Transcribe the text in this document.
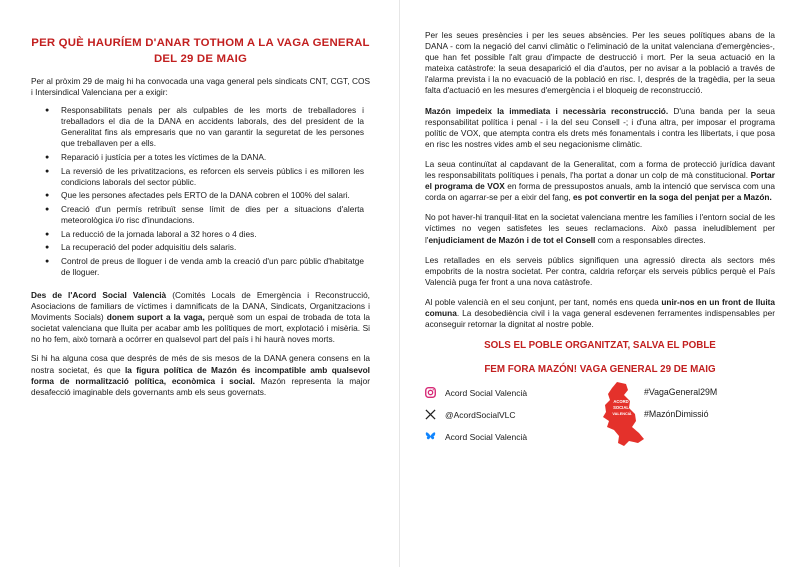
PER QUÈ HAURÍEM D'ANAR TOTHOM A LA VAGA GENERAL DEL 29 DE MAIG

Per al pròxim 29 de maig hi ha convocada una vaga general pels sindicats CNT, CGT, COS i Intersindical Valenciana per a exigir:

● Responsabilitats penals per als culpables de les morts de treballadores i treballadors el dia de la DANA en accidents laborals, des del president de la Generalitat fins als empresaris que no van garantir la seguretat de les persones que treballaven per a ells.
● Reparació i justícia per a totes les víctimes de la DANA.
● La reversió de les privatitzacions, es reforcen els serveis públics i es milloren les condicions laborals del sector públic.
● Que les persones afectades pels ERTO de la DANA cobren el 100% del salari.
● Creació d'un permís retribuït sense límit de dies per a situacions d'alerta meteorològica i/o risc d'inundacions.
● La reducció de la jornada laboral a 32 hores o 4 dies.
● La recuperació del poder adquisitiu dels salaris.
● Control de preus de lloguer i de venda amb la creació d'un parc públic d'habitatge de lloguer.

Des de l'Acord Social Valencià (Comités Locals de Emergència i Reconstrucció, Asociacions de familiars de víctimes i damnificats de la DANA, Sindicats, Organitzacions i Moviments Socials) donem suport a la vaga, perquè som un espai de trobada de tota la societat valenciana que lluita per acabar amb les polítiques de mort, explotació i misèria. Si no ho fem, això tornarà a ocórrer en qualsevol part del país i hi haurà noves morts.

Si hi ha alguna cosa que després de més de sis mesos de la DANA genera consens en la nostra societat, és que la figura política de Mazón és incompatible amb qualsevol forma de normalització política, econòmica i social. Mazón representa la major desafecció imaginable dels governants amb els seus governats.

Per les seues presències i per les seues absències. Per les seues polítiques abans de la DANA - com la negació del canvi climàtic o l'eliminació de la unitat valenciana d'emergències-, que han fet possible l'alt grau d'impacte de destrucció i mort. Per la seua actuació en la mateixa catàstrofe: la seua desaparició el dia d'autos, per no avisar a la població a través de l'alarma prevista i la no evacuació de la població en risc. I, després de la tragèdia, per la seua falta d'actuació en les mesures d'emergència i el bloqueig de reconstrucció.

Mazón impedeix la immediata i necessària reconstrucció. D'una banda per la seua responsabilitat política i penal - i la del seu Consell -; i d'una altra, per imposar el programa polític de VOX, que atempta contra els drets més fonamentals i contra les llibertats, i que posa en risc les nostres vides amb el seu negacionisme climàtic.

La seua continuïtat al capdavant de la Generalitat, com a forma de protecció jurídica davant les responsabilitats polítiques i penals, l'ha portat a donar un colp de mà constitucional. Portar el programa de VOX en forma de pressupostos anuals, amb la intenció que servisca com una corda on agarrar-se per a eixir del fang, es pot convertir en la soga del penjat per a Mazón.

No pot haver-hi tranquil·litat en la societat valenciana mentre les famílies i l'entorn social de les víctimes no vegen satisfetes les seues reclamacions. Això passa ineludiblement per l'enjudiciament de Mazón i de tot el Consell com a responsables directes.

Les retallades en els serveis públics signifiquen una agressió directa als sectors més empobrits de la nostra societat. Per contra, caldria reforçar els serveis públics perquè el País Valencià puga fer front a una nova catàstrofe.

Al poble valencià en el seu conjunt, per tant, només ens queda unir-nos en un front de lluita comuna. La desobediència civil i la vaga general esdevenen ferramentes indispensables per aconseguir retornar la dignitat al nostre poble.

SOLS EL POBLE ORGANITZAT, SALVA EL POBLE
FEM FORA MAZÓN! VAGA GENERAL 29 DE MAIG
Acord Social Valencià
@AcordSocialVLC
Acord Social Valencià
ACORD
SOCIAL
VALENCIÀ
#VagaGeneral29M
#MazónDimissió
